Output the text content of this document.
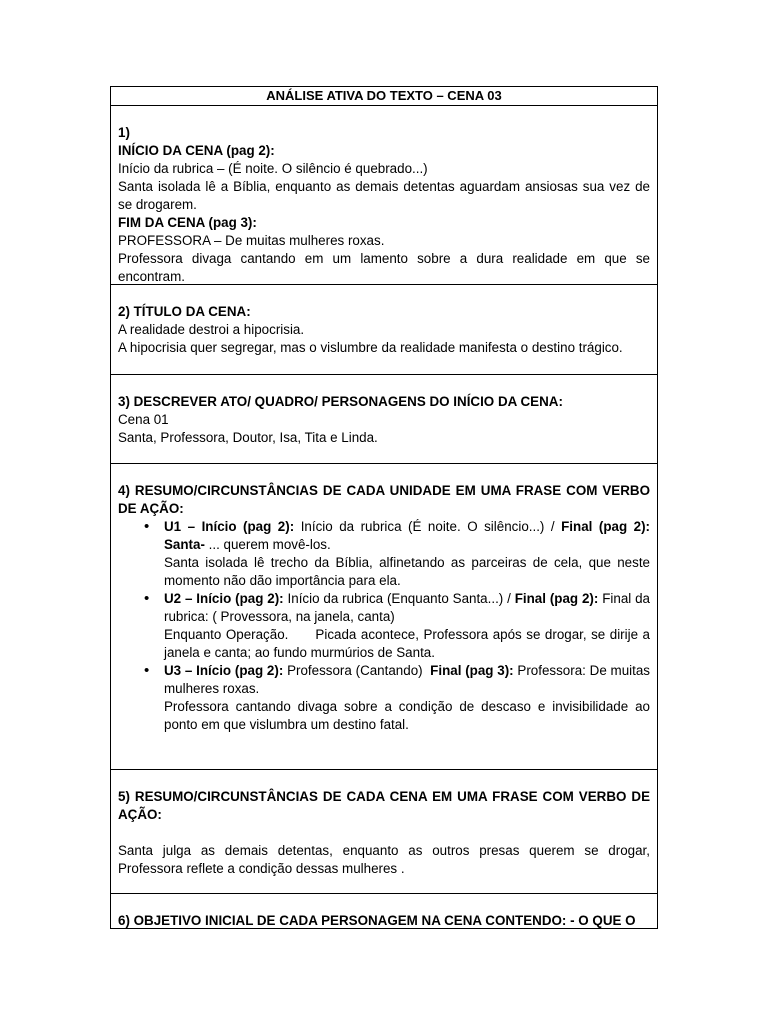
ANÁLISE ATIVA DO TEXTO – CENA 03

1)

INÍCIO DA CENA (pag 2):

Início da rubrica – (É noite. O silêncio é quebrado...)

Santa isolada lê a Bíblia, enquanto as demais detentas aguardam ansiosas sua vez de se drogarem.

FIM DA CENA (pag 3):

PROFESSORA – De muitas mulheres roxas.

Professora divaga cantando em um lamento sobre a dura realidade em que se encontram.

2) TÍTULO DA CENA:

A realidade destroi a hipocrisia.

A hipocrisia quer segregar, mas o vislumbre da realidade manifesta o destino trágico.

3) DESCREVER ATO/ QUADRO/ PERSONAGENS DO INÍCIO DA CENA:

Cena 01

Santa, Professora, Doutor, Isa, Tita e Linda.

4) RESUMO/CIRCUNSTÂNCIAS DE CADA UNIDADE EM UMA FRASE COM VERBO DE AÇÃO:

• U1 – Início (pag 2): Início da rubrica (É noite. O silêncio...) / Final (pag 2): Santa- ... querem movê-los.

Santa isolada lê trecho da Bíblia, alfinetando as parceiras de cela, que neste momento não dão importância para ela.

• U2 – Início (pag 2): Início da rubrica (Enquanto Santa...) / Final (pag 2): Final da rubrica: ( Provessora, na janela, canta)

Enquanto Operação.      Picada acontece, Professora após se drogar, se dirije a janela e canta; ao fundo murmúrios de Santa.

• U3 – Início (pag 2): Professora (Cantando)  Final (pag 3): Professora: De muitas mulheres roxas.

Professora cantando divaga sobre a condição de descaso e invisibilidade ao ponto em que vislumbra um destino fatal.

5) RESUMO/CIRCUNSTÂNCIAS DE CADA CENA EM UMA FRASE COM VERBO DE AÇÃO:

Santa julga as demais detentas, enquanto as outros presas querem se drogar, Professora reflete a condição dessas mulheres .

6) OBJETIVO INICIAL DE CADA PERSONAGEM NA CENA CONTENDO: - O QUE O
